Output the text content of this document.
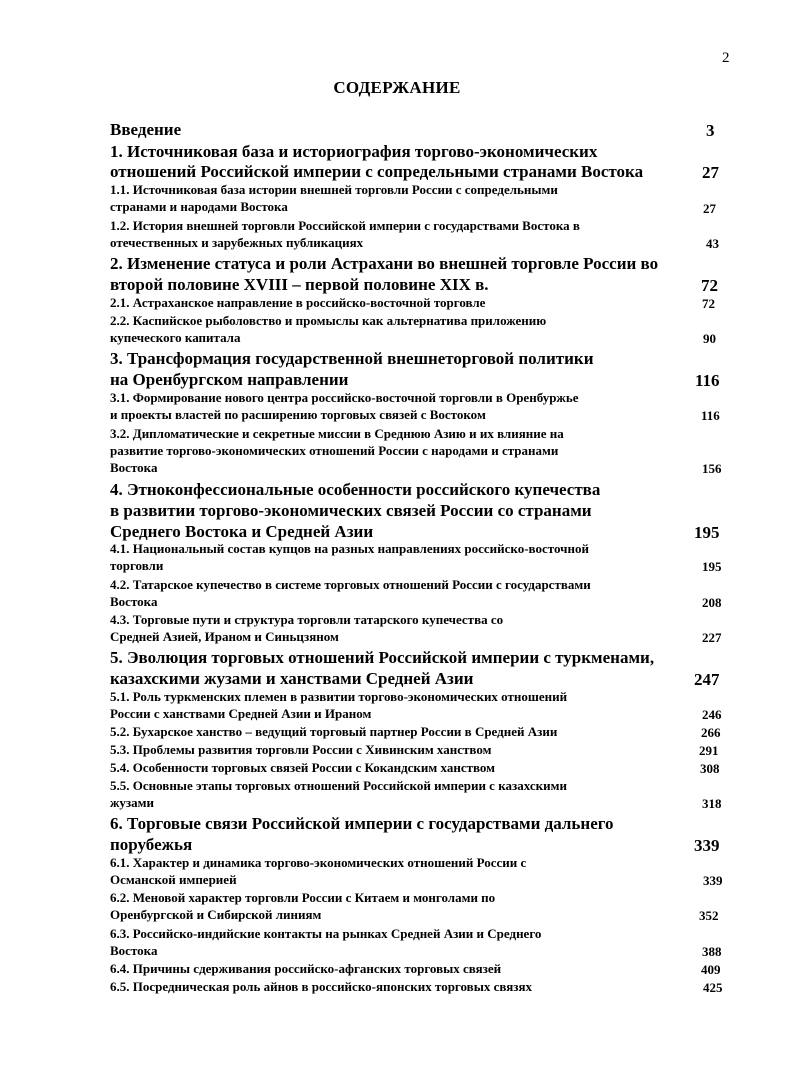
2
СОДЕРЖАНИЕ
Введение
1. Источниковая база и историография торгово-экономических
отношений Российской империи с сопредельными странами Востока
1.1. Источниковая база истории внешней торговли России с сопредельными
странами и народами Востока
1.2. История внешней торговли Российской империи с государствами Востока в
отечественных и зарубежных публикациях
2. Изменение статуса и роли Астрахани во внешней торговле России во
второй половине XVIII – первой половине XIX в.
2.1. Астраханское направление в российско-восточной торговле
2.2. Каспийское рыболовство и промыслы как альтернатива приложению
купеческого капитала
3. Трансформация государственной внешнеторговой политики
на Оренбургском направлении
3.1. Формирование нового центра российско-восточной торговли в Оренбуржье
и проекты властей по расширению торговых связей с Востоком
3.2. Дипломатические и секретные миссии в Среднюю Азию и их влияние на
развитие торгово-экономических отношений России с народами и странами
Востока
4. Этноконфессиональные особенности российского купечества
в развитии торгово-экономических связей России со странами
Среднего Востока и Средней Азии
4.1. Национальный состав купцов на разных направлениях российско-восточной
торговли
4.2. Татарское купечество в системе торговых отношений России с государствами
Востока
4.3. Торговые пути и структура торговли татарского купечества со
Средней Азией, Ираном и Синьцзяном
5. Эволюция торговых отношений Российской империи с туркменами,
казахскими жузами и ханствами Средней Азии
5.1. Роль туркменских племен в развитии торгово-экономических отношений
России с ханствами Средней Азии и Ираном
5.2. Бухарское ханство – ведущий торговый партнер России в Средней Азии
5.3. Проблемы развития торговли России с Хивинским ханством
5.4. Особенности торговых связей России с Кокандским ханством
5.5. Основные этапы торговых отношений Российской империи с казахскими
жузами
6. Торговые связи Российской империи с государствами дальнего
порубежья
6.1. Характер и динамика торгово-экономических отношений России с
Османской империей
6.2. Меновой характер торговли России с Китаем и монголами по
Оренбургской и Сибирской линиям
6.3. Российско-индийские контакты на рынках Средней Азии и Среднего
Востока
6.4. Причины сдерживания российско-афганских торговых связей
6.5. Посредническая роль айнов в российско-японских торговых связях
3
27
27
43
72
72
90
116
116
156
195
195
208
227
247
246
266
291
308
318
339
339
352
388
409
425
